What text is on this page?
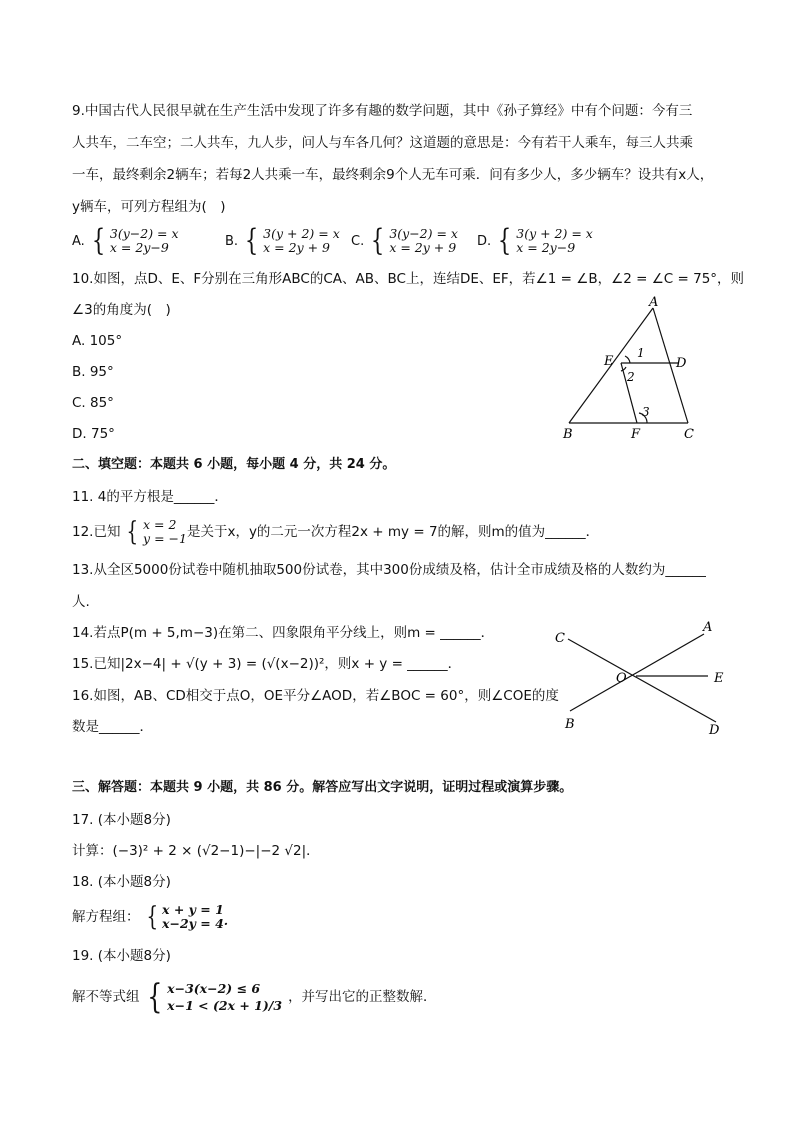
9.中国古代人民很早就在生产生活中发现了许多有趣的数学问题，其中《孙子算经》中有个问题：今有三
人共车，二车空；二人共车，九人步，问人与车各几何？这道题的意思是：今有若干人乘车，每三人共乘
一车，最终剩余2辆车；若每2人共乘一车，最终剩余9个人无车可乘．问有多少人，多少辆车？设共有x人，
y辆车，可列方程组为(　)
A. { 3(y−2) = x
x = 2y−9	B. { 3(y + 2) = x
x = 2y + 9	C. { 3(y−2) = x
x = 2y + 9 D. { 3(y + 2) = x
x = 2y−9
10.如图，点D、E、F分别在三角形ABC的CA、AB、BC上，连结DE、EF，若∠1 = ∠B，∠2 = ∠C = 75°，则
∠3的角度为(　)
A. 105°
B. 95°
C. 85°
D. 75°
A
B	C
D
E
F
1
2
3
二、填空题：本题共 6 小题，每小题 4 分，共 24 分。
11. 4的平方根是______．
12.已知 { x = 2
y = −1 是关于x，y的二元一次方程2x + my = 7的解，则m的值为______．
13.从全区5000份试卷中随机抽取500份试卷，其中300份成绩及格，估计全市成绩及格的人数约为______
人.
14.若点P(m + 5,m−3)在第二、四象限角平分线上，则m = ______．
15.已知|2x−4| + √(y + 3) = (√(x−2))²，则x + y = ______．
16.如图，AB、CD相交于点O，OE平分∠AOD，若∠BOC = 60°，则∠COE的度
数是______．
A
B
C
D
E
O
三、解答题：本题共 9 小题，共 86 分。解答应写出文字说明，证明过程或演算步骤。
17. (本小题8分)
计算：(−3)² + 2 × (√2−1)−|−2 √2|．
18. (本小题8分)
解方程组： { x + y = 1
x−2y = 4·
19. (本小题8分)
解不等式组 { x−3(x−2) ≤ 6
x−1 < (2x + 1)/3
，并写出它的正整数解．
